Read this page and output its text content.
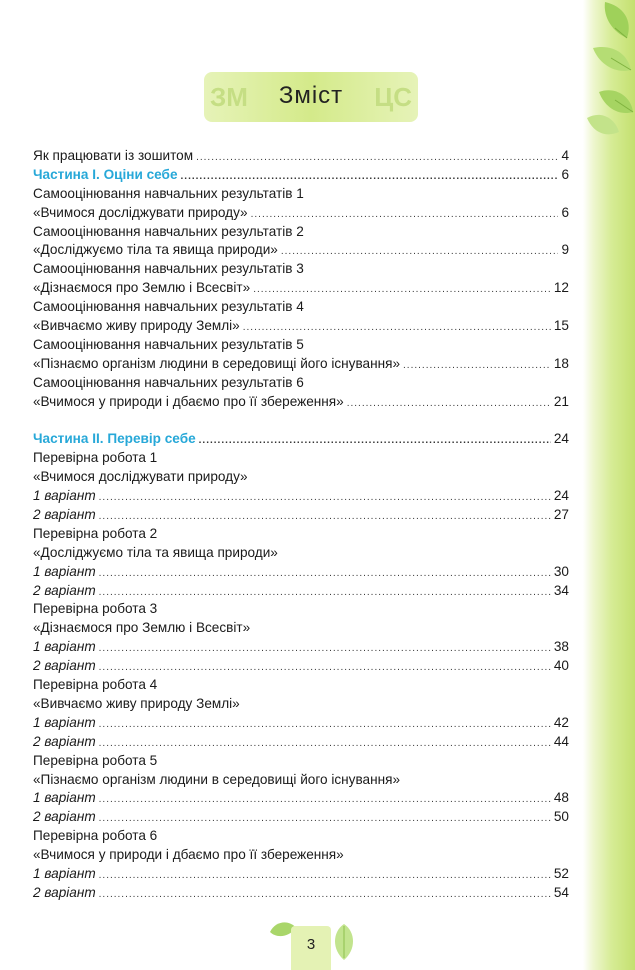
ЗМ	ЦС
Зміст
Як працювати із зошитом .....	4
Частина І. Оціни себе .....	6
Самооцінювання навчальних результатів 1
«Вчимося досліджувати природу» .....	6
Самооцінювання навчальних результатів 2
«Досліджуємо тіла та явища природи» .....	9
Самооцінювання навчальних результатів 3
«Дізнаємося про Землю і Всесвіт» .....	12
Самооцінювання навчальних результатів 4
«Вивчаємо живу природу Землі» .....	15
Самооцінювання навчальних результатів 5
«Пізнаємо організм людини в середовищі його існування» .....	18
Самооцінювання навчальних результатів 6
«Вчимося у природи і дбаємо про її збереження» .....	21
Частина ІІ. Перевір себе .....	24
Перевірна робота 1
«Вчимося досліджувати природу»
1 варіант .....	24
2 варіант .....	27
Перевірна робота 2
«Досліджуємо тіла та явища природи»
1 варіант .....	30
2 варіант .....	34
Перевірна робота 3
«Дізнаємося про Землю і Всесвіт»
1 варіант .....	38
2 варіант .....	40
Перевірна робота 4
«Вивчаємо живу природу Землі»
1 варіант .....	42
2 варіант .....	44
Перевірна робота 5
«Пізнаємо організм людини в середовищі його існування»
1 варіант .....	48
2 варіант .....	50
Перевірна робота 6
«Вчимося у природи і дбаємо про її збереження»
1 варіант .....	52
2 варіант .....	54
3
